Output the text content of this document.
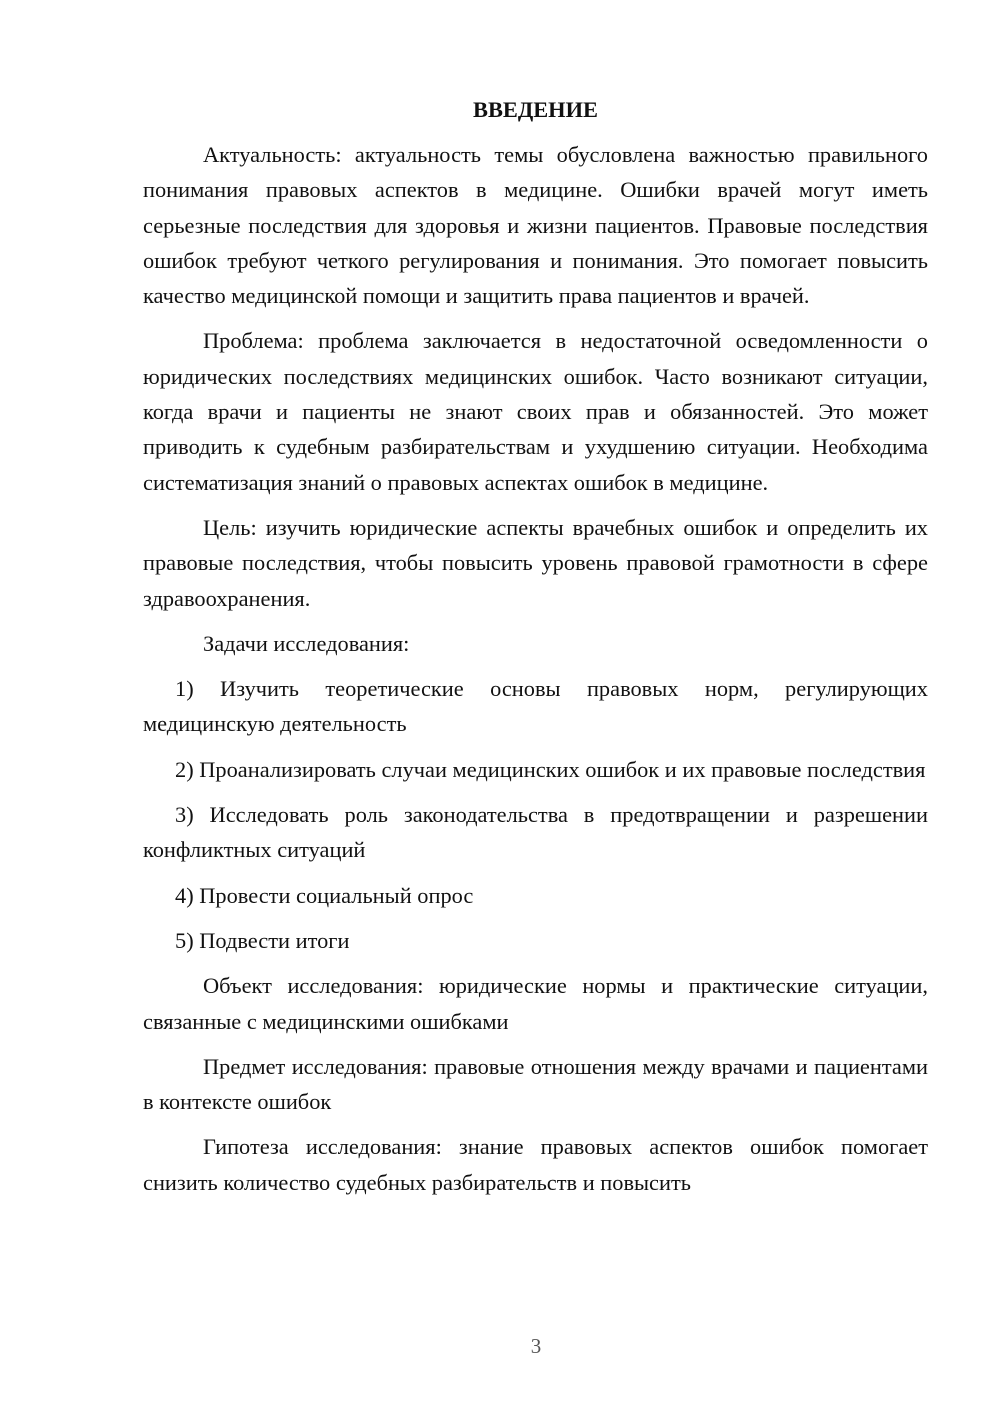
ВВЕДЕНИЕ

Актуальность: актуальность темы обусловлена важностью правильного понимания правовых аспектов в медицине. Ошибки врачей могут иметь серьезные последствия для здоровья и жизни пациентов. Правовые последствия ошибок требуют четкого регулирования и понимания. Это помогает повысить качество медицинской помощи и защитить права пациентов и врачей.

Проблема: проблема заключается в недостаточной осведомленности о юридических последствиях медицинских ошибок. Часто возникают ситуации, когда врачи и пациенты не знают своих прав и обязанностей. Это может приводить к судебным разбирательствам и ухудшению ситуации. Необходима систематизация знаний о правовых аспектах ошибок в медицине.

Цель: изучить юридические аспекты врачебных ошибок и определить их правовые последствия, чтобы повысить уровень правовой грамотности в сфере здравоохранения.

Задачи исследования:

1) Изучить теоретические основы правовых норм, регулирующих медицинскую деятельность

2) Проанализировать случаи медицинских ошибок и их правовые последствия

3) Исследовать роль законодательства в предотвращении и разрешении конфликтных ситуаций

4) Провести социальный опрос

5) Подвести итоги

Объект исследования: юридические нормы и практические ситуации, связанные с медицинскими ошибками

Предмет исследования: правовые отношения между врачами и пациентами в контексте ошибок

Гипотеза исследования: знание правовых аспектов ошибок помогает снизить количество судебных разбирательств и повысить

3
